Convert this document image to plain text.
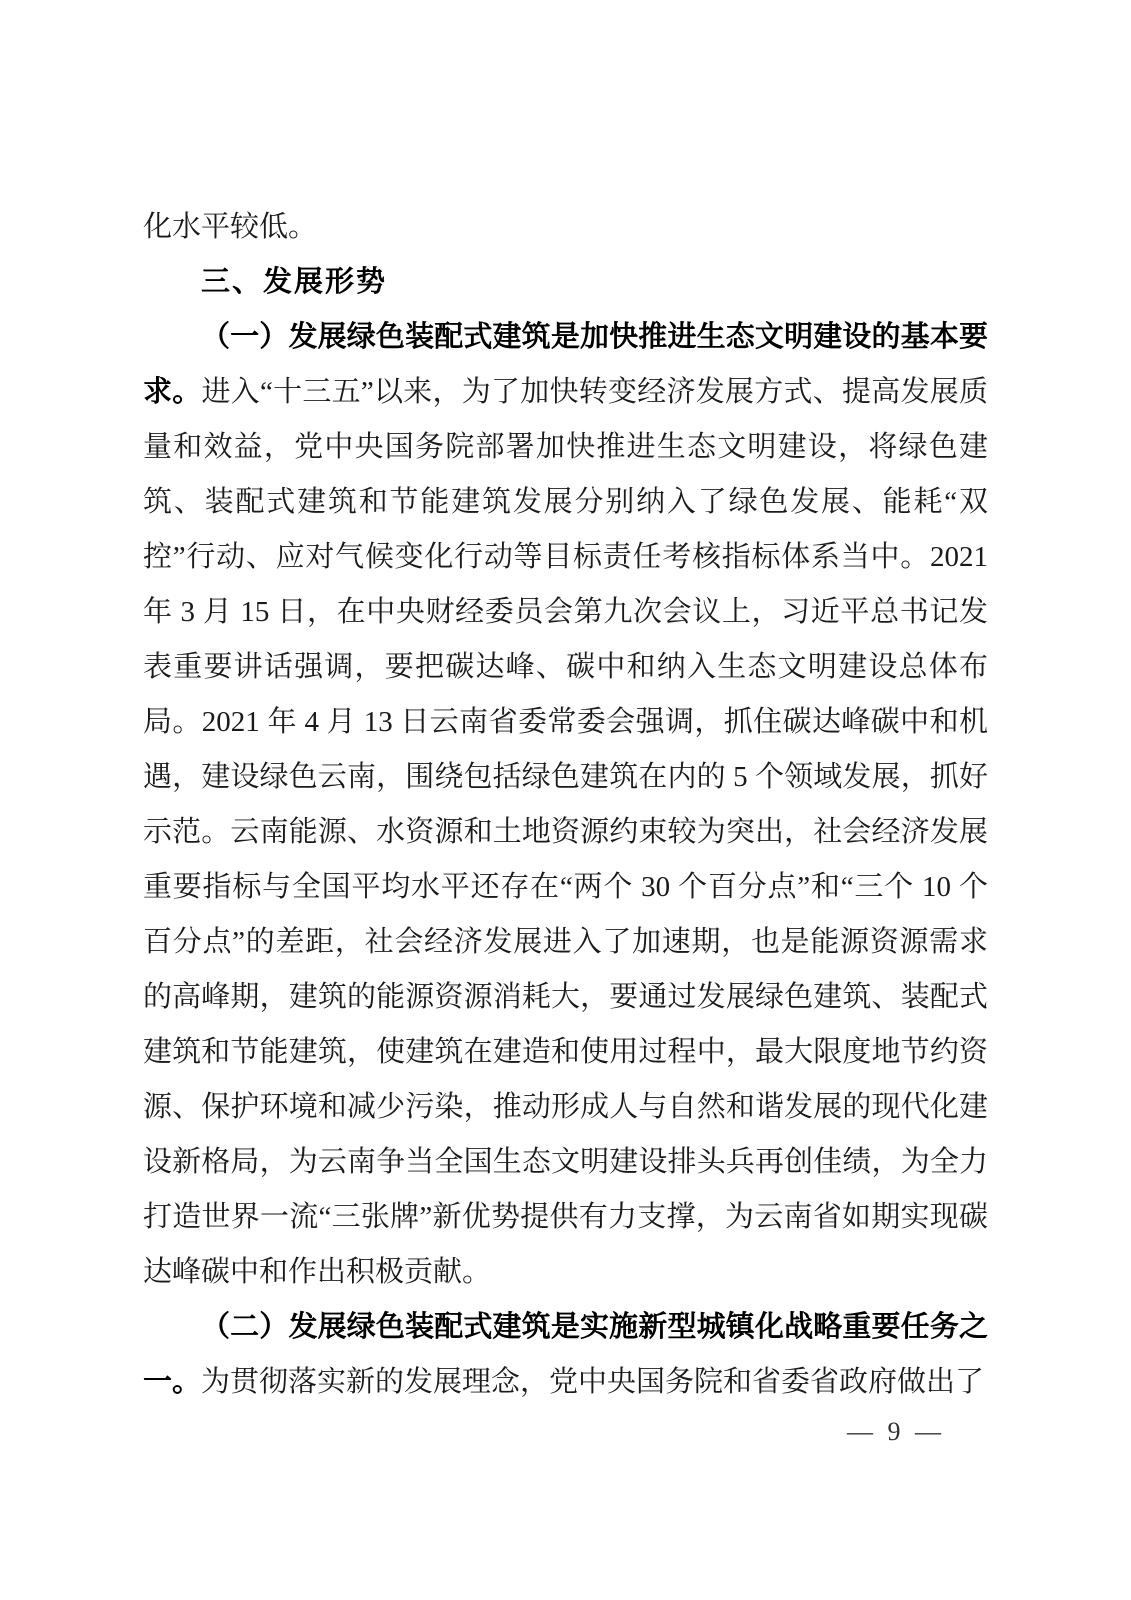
化水平较低。

三、发展形势

（一）发展绿色装配式建筑是加快推进生态文明建设的基本要求。进入“十三五”以来，为了加快转变经济发展方式、提高发展质量和效益，党中央国务院部署加快推进生态文明建设，将绿色建筑、装配式建筑和节能建筑发展分别纳入了绿色发展、能耗“双控”行动、应对气候变化行动等目标责任考核指标体系当中。2021 年 3 月 15 日，在中央财经委员会第九次会议上，习近平总书记发表重要讲话强调，要把碳达峰、碳中和纳入生态文明建设总体布局。2021 年 4 月 13 日云南省委常委会强调，抓住碳达峰碳中和机遇，建设绿色云南，围绕包括绿色建筑在内的 5 个领域发展，抓好示范。云南能源、水资源和土地资源约束较为突出，社会经济发展重要指标与全国平均水平还存在“两个 30 个百分点”和“三个 10 个百分点”的差距，社会经济发展进入了加速期，也是能源资源需求的高峰期，建筑的能源资源消耗大，要通过发展绿色建筑、装配式建筑和节能建筑，使建筑在建造和使用过程中，最大限度地节约资源、保护环境和减少污染，推动形成人与自然和谐发展的现代化建设新格局，为云南争当全国生态文明建设排头兵再创佳绩，为全力打造世界一流“三张牌”新优势提供有力支撑，为云南省如期实现碳达峰碳中和作出积极贡献。

（二）发展绿色装配式建筑是实施新型城镇化战略重要任务之一。为贯彻落实新的发展理念，党中央国务院和省委省政府做出了

— 9 —
